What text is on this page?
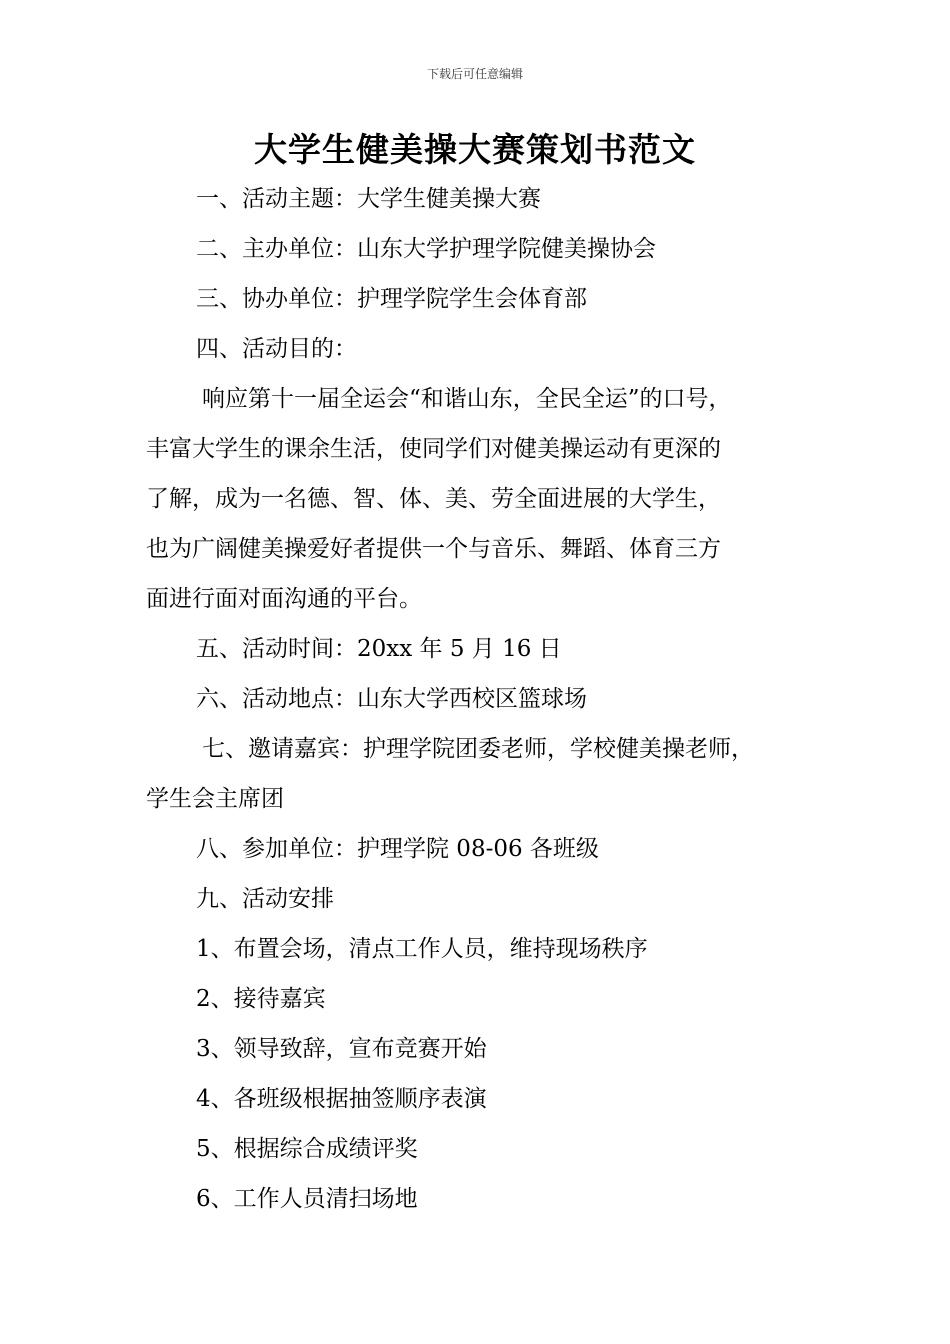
下载后可任意编辑
大学生健美操大赛策划书范文
一、活动主题：大学生健美操大赛
二、主办单位：山东大学护理学院健美操协会
三、协办单位：护理学院学生会体育部
四、活动目的：
响应第十一届全运会“和谐山东，全民全运”的口号，
丰富大学生的课余生活，使同学们对健美操运动有更深的
了解，成为一名德、智、体、美、劳全面进展的大学生，
也为广阔健美操爱好者提供一个与音乐、舞蹈、体育三方
面进行面对面沟通的平台。
五、活动时间：20xx 年 5 月 16 日
六、活动地点：山东大学西校区篮球场
七、邀请嘉宾：护理学院团委老师，学校健美操老师，
学生会主席团
八、参加单位：护理学院 08-06 各班级
九、活动安排
1、布置会场，清点工作人员，维持现场秩序
2、接待嘉宾
3、领导致辞，宣布竞赛开始
4、各班级根据抽签顺序表演
5、根据综合成绩评奖
6、工作人员清扫场地
